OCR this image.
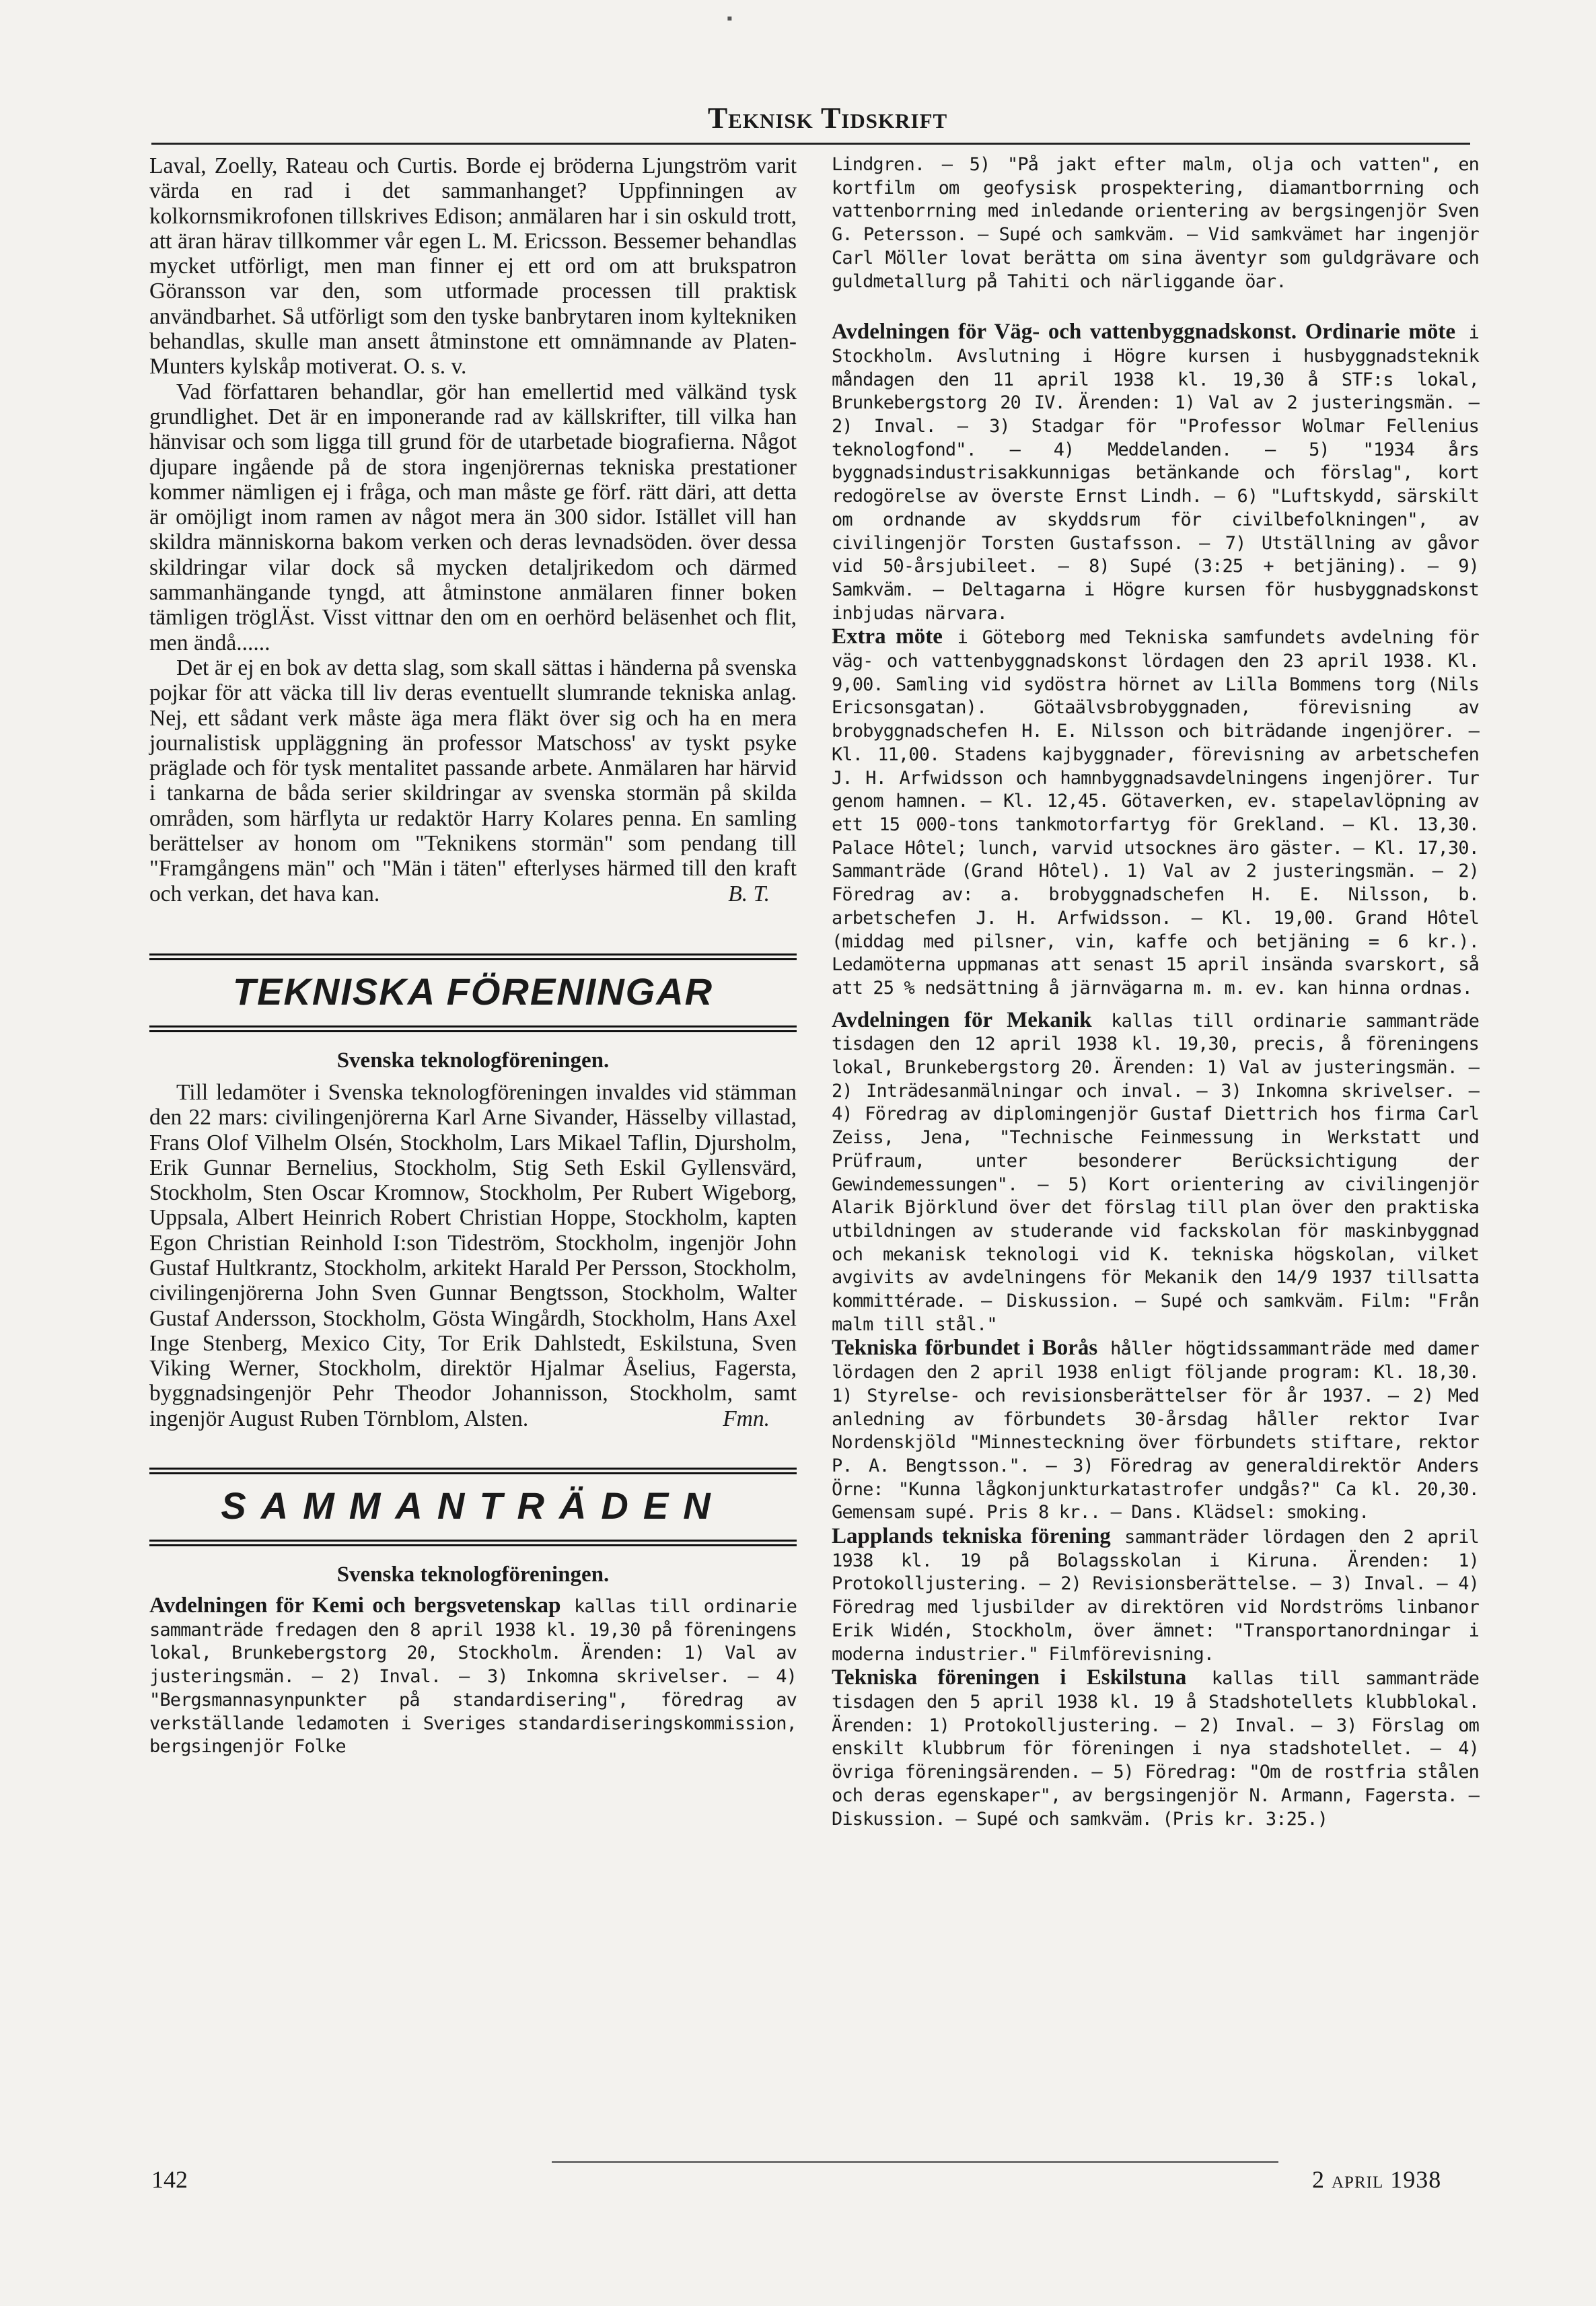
▪
Teknisk Tidskrift

Laval, Zoelly, Rateau och Curtis. Borde ej bröderna Ljungström varit värda en rad i det sammanhanget? Uppfinningen av kolkornsmikrofonen tillskrives Edison; anmälaren har i sin oskuld trott, att äran härav tillkommer vår egen L. M. Ericsson. Bessemer behandlas mycket utförligt, men man finner ej ett ord om att brukspatron Göransson var den, som utformade processen till praktisk användbarhet. Så utförligt som den tyske banbrytaren inom kyltekniken behandlas, skulle man ansett åtminstone ett omnämnande av Platen-Munters kylskåp motiverat. O. s. v.

Vad författaren behandlar, gör han emellertid med välkänd tysk grundlighet. Det är en imponerande rad av källskrifter, till vilka han hänvisar och som ligga till grund för de utarbetade biografierna. Något djupare ingående på de stora ingenjörernas tekniska prestationer kommer nämligen ej i fråga, och man måste ge förf. rätt däri, att detta är omöjligt inom ramen av något mera än 300 sidor. Istället vill han skildra människorna bakom verken och deras levnadsöden. över dessa skildringar vilar dock så mycken detaljrikedom och därmed sammanhängande tyngd, att åtminstone anmälaren finner boken tämligen tröglÄst. Visst vittnar den om en oerhörd beläsenhet och flit, men ändå......

Det är ej en bok av detta slag, som skall sättas i händerna på svenska pojkar för att väcka till liv deras eventuellt slumrande tekniska anlag. Nej, ett sådant verk måste äga mera fläkt över sig och ha en mera journalistisk uppläggning än professor Matschoss' av tyskt psyke präglade och för tysk mentalitet passande arbete. Anmälaren har härvid i tankarna de båda serier skildringar av svenska stormän på skilda områden, som härflyta ur redaktör Harry Kolares penna. En samling berättelser av honom om "Teknikens stormän" som pendang till "Framgångens män" och "Män i täten" efterlyses härmed till den kraft och verkan, det hava kan.	B. T.

TEKNISKA FÖRENINGAR
Svenska teknologföreningen.

Till ledamöter i Svenska teknologföreningen invaldes vid stämman den 22 mars: civilingenjörerna Karl Arne Sivander, Hässelby villastad, Frans Olof Vilhelm Olsén, Stockholm, Lars Mikael Taflin, Djursholm, Erik Gunnar Bernelius, Stockholm, Stig Seth Eskil Gyllensvärd, Stockholm, Sten Oscar Kromnow, Stockholm, Per Rubert Wigeborg, Uppsala, Albert Heinrich Robert Christian Hoppe, Stockholm, kapten Egon Christian Reinhold I:son Tideström, Stockholm, ingenjör John Gustaf Hultkrantz, Stockholm, arkitekt Harald Per Persson, Stockholm, civilingenjörerna John Sven Gunnar Bengtsson, Stockholm, Walter Gustaf Andersson, Stockholm, Gösta Wingårdh, Stockholm, Hans Axel Inge Stenberg, Mexico City, Tor Erik Dahlstedt, Eskilstuna, Sven Viking Werner, Stockholm, direktör Hjalmar Åselius, Fagersta, byggnadsingenjör Pehr Theodor Johannisson, Stockholm, samt ingenjör August Ruben Törnblom, Alsten.	Fmn.

SAMMANTRÄDEN
Svenska teknologföreningen.

Avdelningen för Kemi och bergsvetenskap kallas till ordinarie sammanträde fredagen den 8 april 1938 kl. 19,30 på föreningens lokal, Brunkebergstorg 20, Stockholm. Ärenden: 1) Val av justeringsmän. — 2) Inval. — 3) Inkomna skrivelser. — 4) "Bergsmannasynpunkter på standardisering", föredrag av verkställande ledamoten i Sveriges standardiseringskommission, bergsingenjör Folke

Lindgren. — 5) "På jakt efter malm, olja och vatten", en kortfilm om geofysisk prospektering, diamantborrning och vattenborrning med inledande orientering av bergsingenjör Sven G. Petersson. — Supé och samkväm. — Vid samkvämet har ingenjör Carl Möller lovat berätta om sina äventyr som guldgrävare och guldmetallurg på Tahiti och närliggande öar.

Avdelningen för Väg- och vattenbyggnadskonst. Ordinarie möte i Stockholm. Avslutning i Högre kursen i husbyggnadsteknik måndagen den 11 april 1938 kl. 19,30 å STF:s lokal, Brunkebergstorg 20 IV. Ärenden: 1) Val av 2 justeringsmän. — 2) Inval. — 3) Stadgar för "Professor Wolmar Fellenius teknologfond". — 4) Meddelanden. — 5) "1934 års byggnadsindustrisakkunnigas betänkande och förslag", kort redogörelse av överste Ernst Lindh. — 6) "Luftskydd, särskilt om ordnande av skyddsrum för civilbefolkningen", av civilingenjör Torsten Gustafsson. — 7) Utställning av gåvor vid 50-årsjubileet. — 8) Supé (3:25 + betjäning). — 9) Samkväm. — Deltagarna i Högre kursen för husbyggnadskonst inbjudas närvara.

Extra möte i Göteborg med Tekniska samfundets avdelning för väg- och vattenbyggnadskonst lördagen den 23 april 1938. Kl. 9,00. Samling vid sydöstra hörnet av Lilla Bommens torg (Nils Ericsonsgatan). Götaälvsbrobyggnaden, förevisning av brobyggnadschefen H. E. Nilsson och biträdande ingenjörer. — Kl. 11,00. Stadens kajbyggnader, förevisning av arbetschefen J. H. Arfwidsson och hamnbyggnadsavdelningens ingenjörer. Tur genom hamnen. — Kl. 12,45. Götaverken, ev. stapelavlöpning av ett 15 000-tons tankmotorfartyg för Grekland. — Kl. 13,30. Palace Hôtel; lunch, varvid utsocknes äro gäster. — Kl. 17,30. Sammanträde (Grand Hôtel). 1) Val av 2 justeringsmän. — 2) Föredrag av: a. brobyggnadschefen H. E. Nilsson, b. arbetschefen J. H. Arfwidsson. — Kl. 19,00. Grand Hôtel (middag med pilsner, vin, kaffe och betjäning = 6 kr.). Ledamöterna uppmanas att senast 15 april insända svarskort, så att 25 % nedsättning å järnvägarna m. m. ev. kan hinna ordnas.

Avdelningen för Mekanik kallas till ordinarie sammanträde tisdagen den 12 april 1938 kl. 19,30, precis, å föreningens lokal, Brunkebergstorg 20. Ärenden: 1) Val av justeringsmän. — 2) Inträdesanmälningar och inval. — 3) Inkomna skrivelser. — 4) Föredrag av diplomingenjör Gustaf Diettrich hos firma Carl Zeiss, Jena, "Technische Feinmessung in Werkstatt und Prüfraum, unter besonderer Berücksichtigung der Gewindemessungen". — 5) Kort orientering av civilingenjör Alarik Björklund över det förslag till plan över den praktiska utbildningen av studerande vid fackskolan för maskinbyggnad och mekanisk teknologi vid K. tekniska högskolan, vilket avgivits av avdelningens för Mekanik den 14/9 1937 tillsatta kommittérade. — Diskussion. — Supé och samkväm. Film: "Från malm till stål."

Tekniska förbundet i Borås håller högtidssammanträde med damer lördagen den 2 april 1938 enligt följande program: Kl. 18,30. 1) Styrelse- och revisionsberättelser för år 1937. — 2) Med anledning av förbundets 30-årsdag håller rektor Ivar Nordenskjöld "Minnesteckning över förbundets stiftare, rektor P. A. Bengtsson.". — 3) Föredrag av generaldirektör Anders Örne: "Kunna lågkonjunkturkatastrofer undgås?" Ca kl. 20,30. Gemensam supé. Pris 8 kr.. — Dans. Klädsel: smoking.

Lapplands tekniska förening sammanträder lördagen den 2 april 1938 kl. 19 på Bolagsskolan i Kiruna. Ärenden: 1) Protokolljustering. — 2) Revisionsberättelse. — 3) Inval. — 4) Föredrag med ljusbilder av direktören vid Nordströms linbanor Erik Widén, Stockholm, över ämnet: "Transportanordningar i moderna industrier." Filmförevisning.

Tekniska föreningen i Eskilstuna kallas till sammanträde tisdagen den 5 april 1938 kl. 19 å Stadshotellets klubblokal. Ärenden: 1) Protokolljustering. — 2) Inval. — 3) Förslag om enskilt klubbrum för föreningen i nya stadshotellet. — 4) övriga föreningsärenden. — 5) Föredrag: "Om de rostfria stålen och deras egenskaper", av bergsingenjör N. Armann, Fagersta. — Diskussion. — Supé och samkväm. (Pris kr. 3:25.)

142	2 april 1938
